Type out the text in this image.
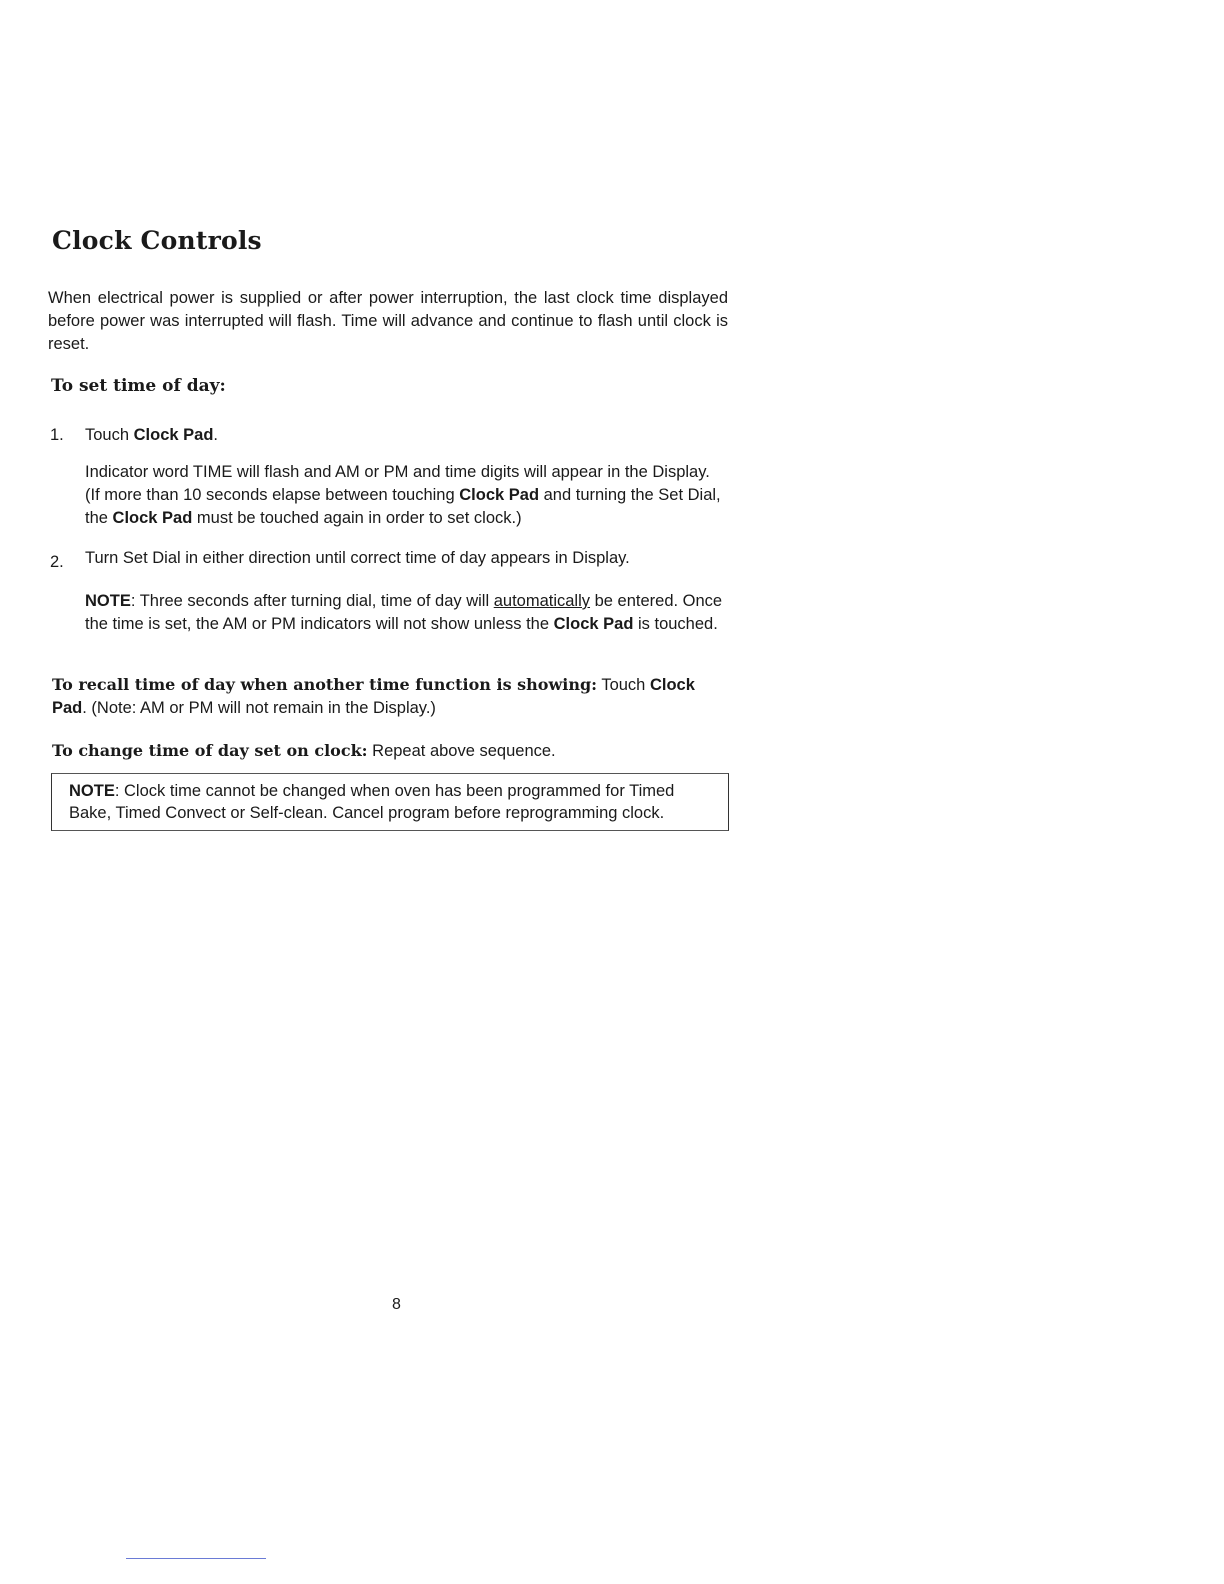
Clock Controls

When electrical power is supplied or after power interruption, the last clock time displayed before power was interrupted will flash. Time will advance and continue to flash until clock is reset.

To set time of day:
1. Touch Clock Pad.

Indicator word TIME will flash and AM or PM and time digits will appear in the Display.
(If more than 10 seconds elapse between touching Clock Pad and turning the Set Dial, the Clock Pad must be touched again in order to set clock.)

2. Turn Set Dial in either direction until correct time of day appears in Display.

NOTE: Three seconds after turning dial, time of day will automatically be entered. Once the time is set, the AM or PM indicators will not show unless the Clock Pad is touched.

To recall time of day when another time function is showing: Touch Clock Pad. (Note: AM or PM will not remain in the Display.)

To change time of day set on clock: Repeat above sequence.

NOTE: Clock time cannot be changed when oven has been programmed for Timed Bake, Timed Convect or Self-clean. Cancel program before reprogramming clock.

8
